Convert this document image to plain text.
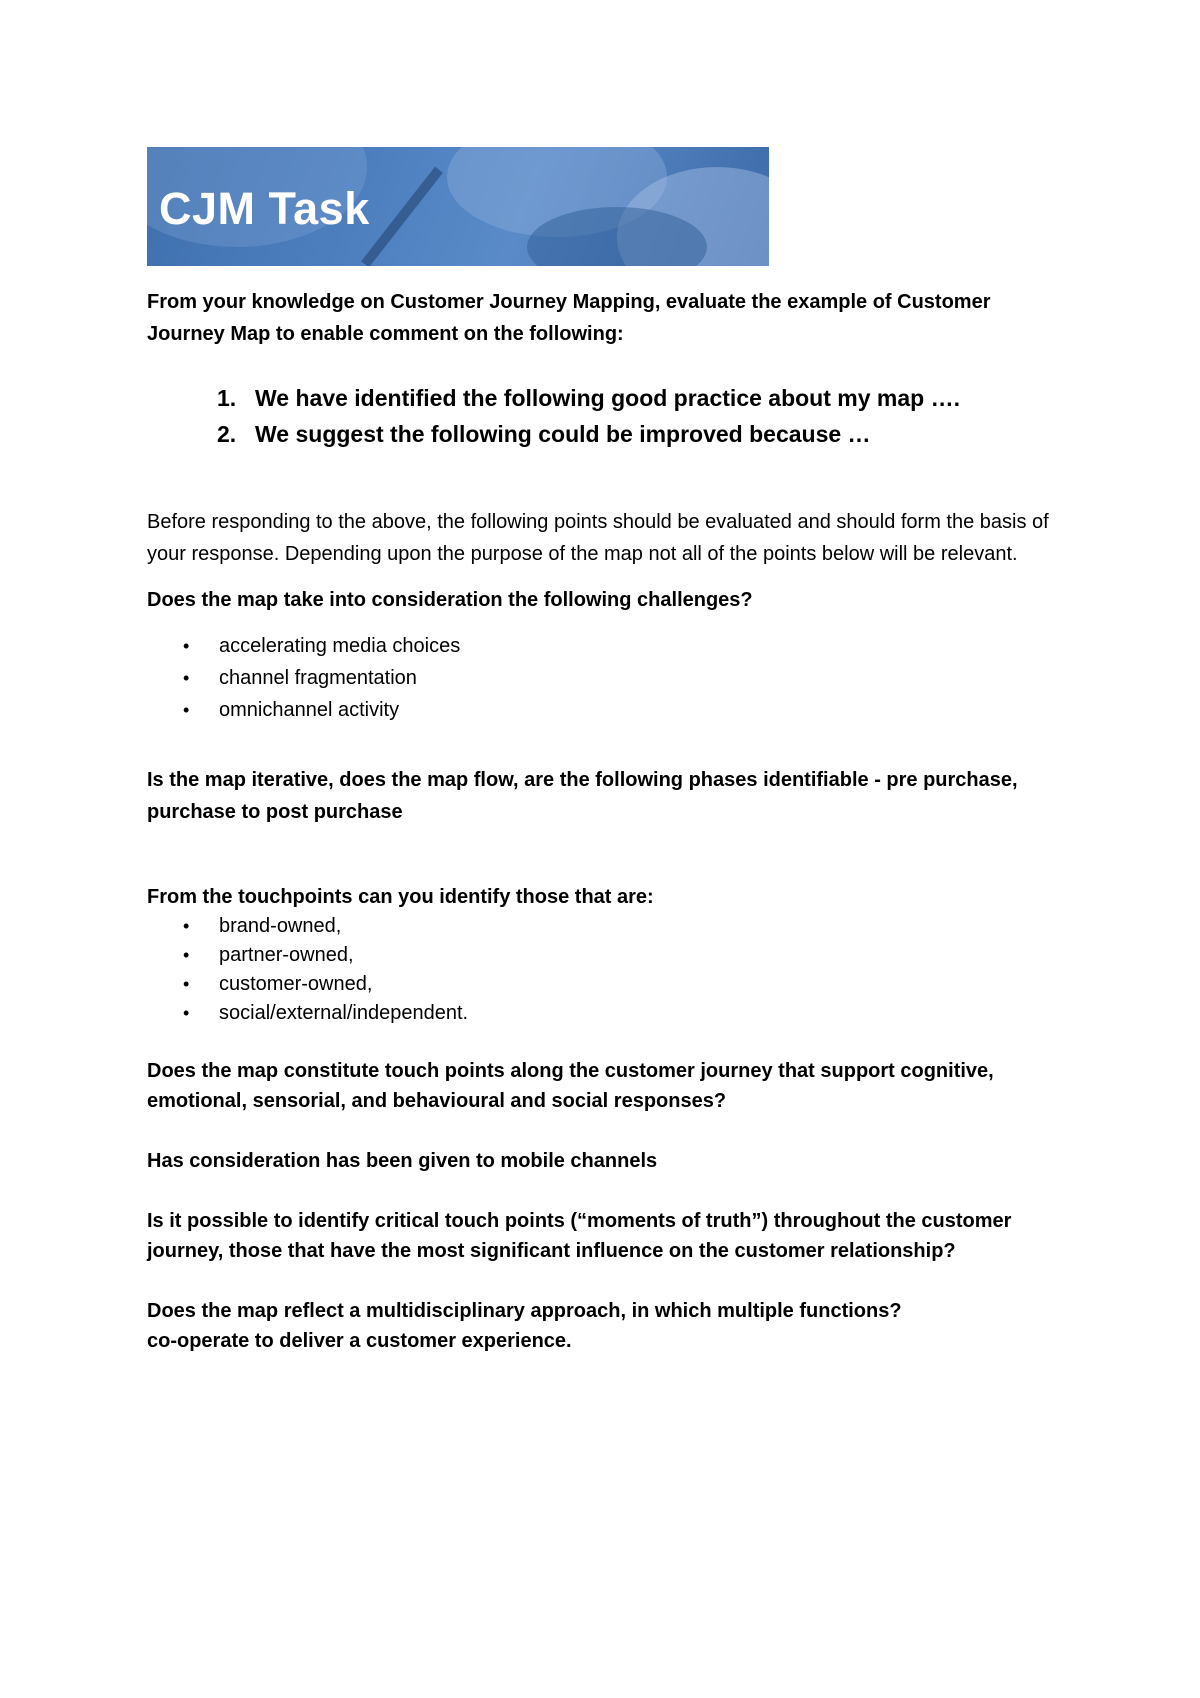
CJM Task

From your knowledge on Customer Journey Mapping, evaluate the example of Customer Journey Map to enable comment on the following:

1. We have identified the following good practice about my map ….
2. We suggest the following could be improved because …

Before responding to the above, the following points should be evaluated and should form the basis of your response. Depending upon the purpose of the map not all of the points below will be relevant.

Does the map take into consideration the following challenges?

•	accelerating media choices
•	channel fragmentation
•	omnichannel activity

Is the map iterative, does the map flow, are the following phases identifiable - pre purchase, purchase to post purchase

From the touchpoints can you identify those that are:

•	brand-owned,
•	partner-owned,
•	customer-owned,
•	social/external/independent.

Does the map constitute touch points along the customer journey that support cognitive, emotional, sensorial, and behavioural and social responses?

Has consideration has been given to mobile channels

Is it possible to identify critical touch points (“moments of truth”) throughout the customer journey, those that have the most significant influence on the customer relationship?

Does the map reflect a multidisciplinary approach, in which multiple functions?

co-operate to deliver a customer experience.
